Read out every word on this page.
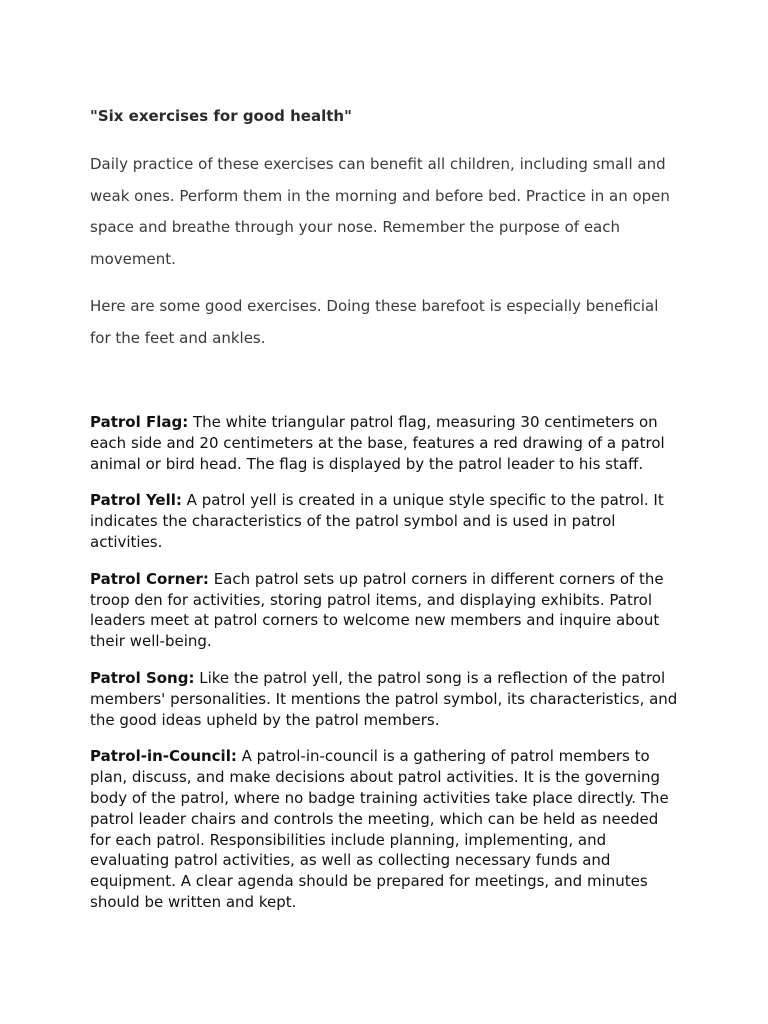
"Six exercises for good health"

Daily practice of these exercises can benefit all children, including small and weak ones. Perform them in the morning and before bed. Practice in an open space and breathe through your nose. Remember the purpose of each movement.

Here are some good exercises. Doing these barefoot is especially beneficial for the feet and ankles.

Patrol Flag: The white triangular patrol flag, measuring 30 centimeters on each side and 20 centimeters at the base, features a red drawing of a patrol animal or bird head. The flag is displayed by the patrol leader to his staff.

Patrol Yell: A patrol yell is created in a unique style specific to the patrol. It indicates the characteristics of the patrol symbol and is used in patrol activities.

Patrol Corner: Each patrol sets up patrol corners in different corners of the troop den for activities, storing patrol items, and displaying exhibits. Patrol leaders meet at patrol corners to welcome new members and inquire about their well-being.

Patrol Song: Like the patrol yell, the patrol song is a reflection of the patrol members' personalities. It mentions the patrol symbol, its characteristics, and the good ideas upheld by the patrol members.

Patrol-in-Council: A patrol-in-council is a gathering of patrol members to plan, discuss, and make decisions about patrol activities. It is the governing body of the patrol, where no badge training activities take place directly. The patrol leader chairs and controls the meeting, which can be held as needed for each patrol. Responsibilities include planning, implementing, and evaluating patrol activities, as well as collecting necessary funds and equipment. A clear agenda should be prepared for meetings, and minutes should be written and kept.
